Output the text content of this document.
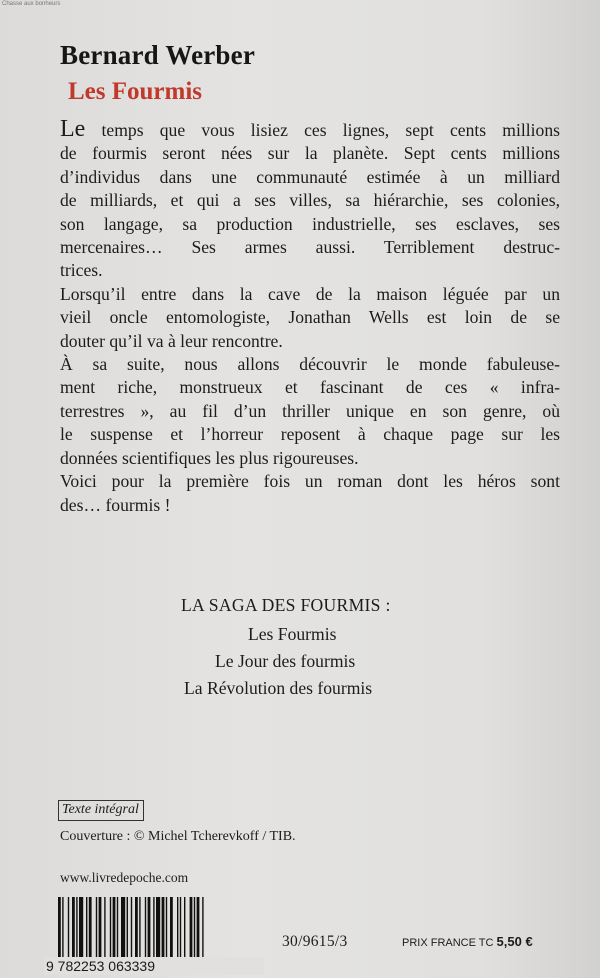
Chasse aux bonheurs
Bernard Werber
Les Fourmis
Le temps que vous lisiez ces lignes, sept cents millions
de fourmis seront nées sur la planète. Sept cents millions
d’individus dans une communauté estimée à un milliard
de milliards, et qui a ses villes, sa hiérarchie, ses colonies,
son langage, sa production industrielle, ses esclaves, ses
mercenaires… Ses armes aussi. Terriblement destruc-
trices.
Lorsqu’il entre dans la cave de la maison léguée par un
vieil oncle entomologiste, Jonathan Wells est loin de se
douter qu’il va à leur rencontre.
À sa suite, nous allons découvrir le monde fabuleuse-
ment riche, monstrueux et fascinant de ces « infra-
terrestres », au fil d’un thriller unique en son genre, où
le suspense et l’horreur reposent à chaque page sur les
données scientifiques les plus rigoureuses.
Voici pour la première fois un roman dont les héros sont
des… fourmis !
LA SAGA DES FOURMIS :
Les Fourmis
Le Jour des fourmis
La Révolution des fourmis
Texte intégral
Couverture : © Michel Tcherevkoff / TIB.
www.livredepoche.com
9 782253 063339
30/9615/3	PRIX FRANCE TC 5,50 €
